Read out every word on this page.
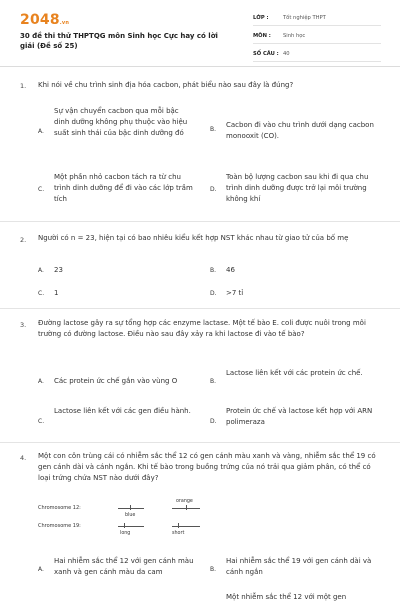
2048.vn
30 đề thi thử THPTQG môn Sinh học Cực hay có lời giải (Đề số 25)
LỚP :	Tốt nghiệp THPT
MÔN : Sinh học
SỐ CÂU : 40
1. Khi nói về chu trình sinh địa hóa cacbon, phát biểu nào sau đây là đúng?
A.
Sự vận chuyển cacbon qua mỗi bậc dinh dưỡng không phụ thuộc vào hiệu suất sinh thái của bậc dinh dưỡng đó	B.
Cacbon đi vào chu trình dưới dạng cacbon monooxit (CO).
C.
Một phần nhỏ cacbon tách ra từ chu trình dinh dưỡng để đi vào các lớp trầm tích
D.
Toàn bộ lượng cacbon sau khi đi qua chu trình dinh dưỡng được trở lại môi trường không khí
2. Người có n = 23, hiện tại có bao nhiêu kiểu kết hợp NST khác nhau từ giao tử của bố mẹ
A. 23	B. 46
C. 1	D. >7 tỉ
3. Đường lactose gây ra sự tổng hợp các enzyme lactase. Một tế bào E. coli được nuôi trong môi trường có đường lactose. Điều nào sau đây xảy ra khi lactose đi vào tế bào?
A. Các protein ức chế gắn vào vùng O	B.
Lactose liên kết với các protein ức chế.
C.
Lactose liên kết với các gen điều hành.
D.
Protein ức chế và lactose kết hợp với ARN polimeraza
4. Một con côn trùng cái có nhiễm sắc thể 12 có gen cánh màu xanh và vàng, nhiễm sắc thể 19 có gen cánh dài và cánh ngắn. Khi tế bào trong buồng trứng của nó trải qua giảm phân, có thể có loại trứng chứa NST nào dưới đây?
Chromosome 12:
blue
orange
Chromosome 19:
long	short
A.
Hai nhiễm sắc thể 12 với gen cánh màu xanh và gen cánh màu da cam	B.
Hai nhiễm sắc thể 19 với gen cánh dài và cánh ngắn
Một nhiễm sắc thể 12 với một gen
